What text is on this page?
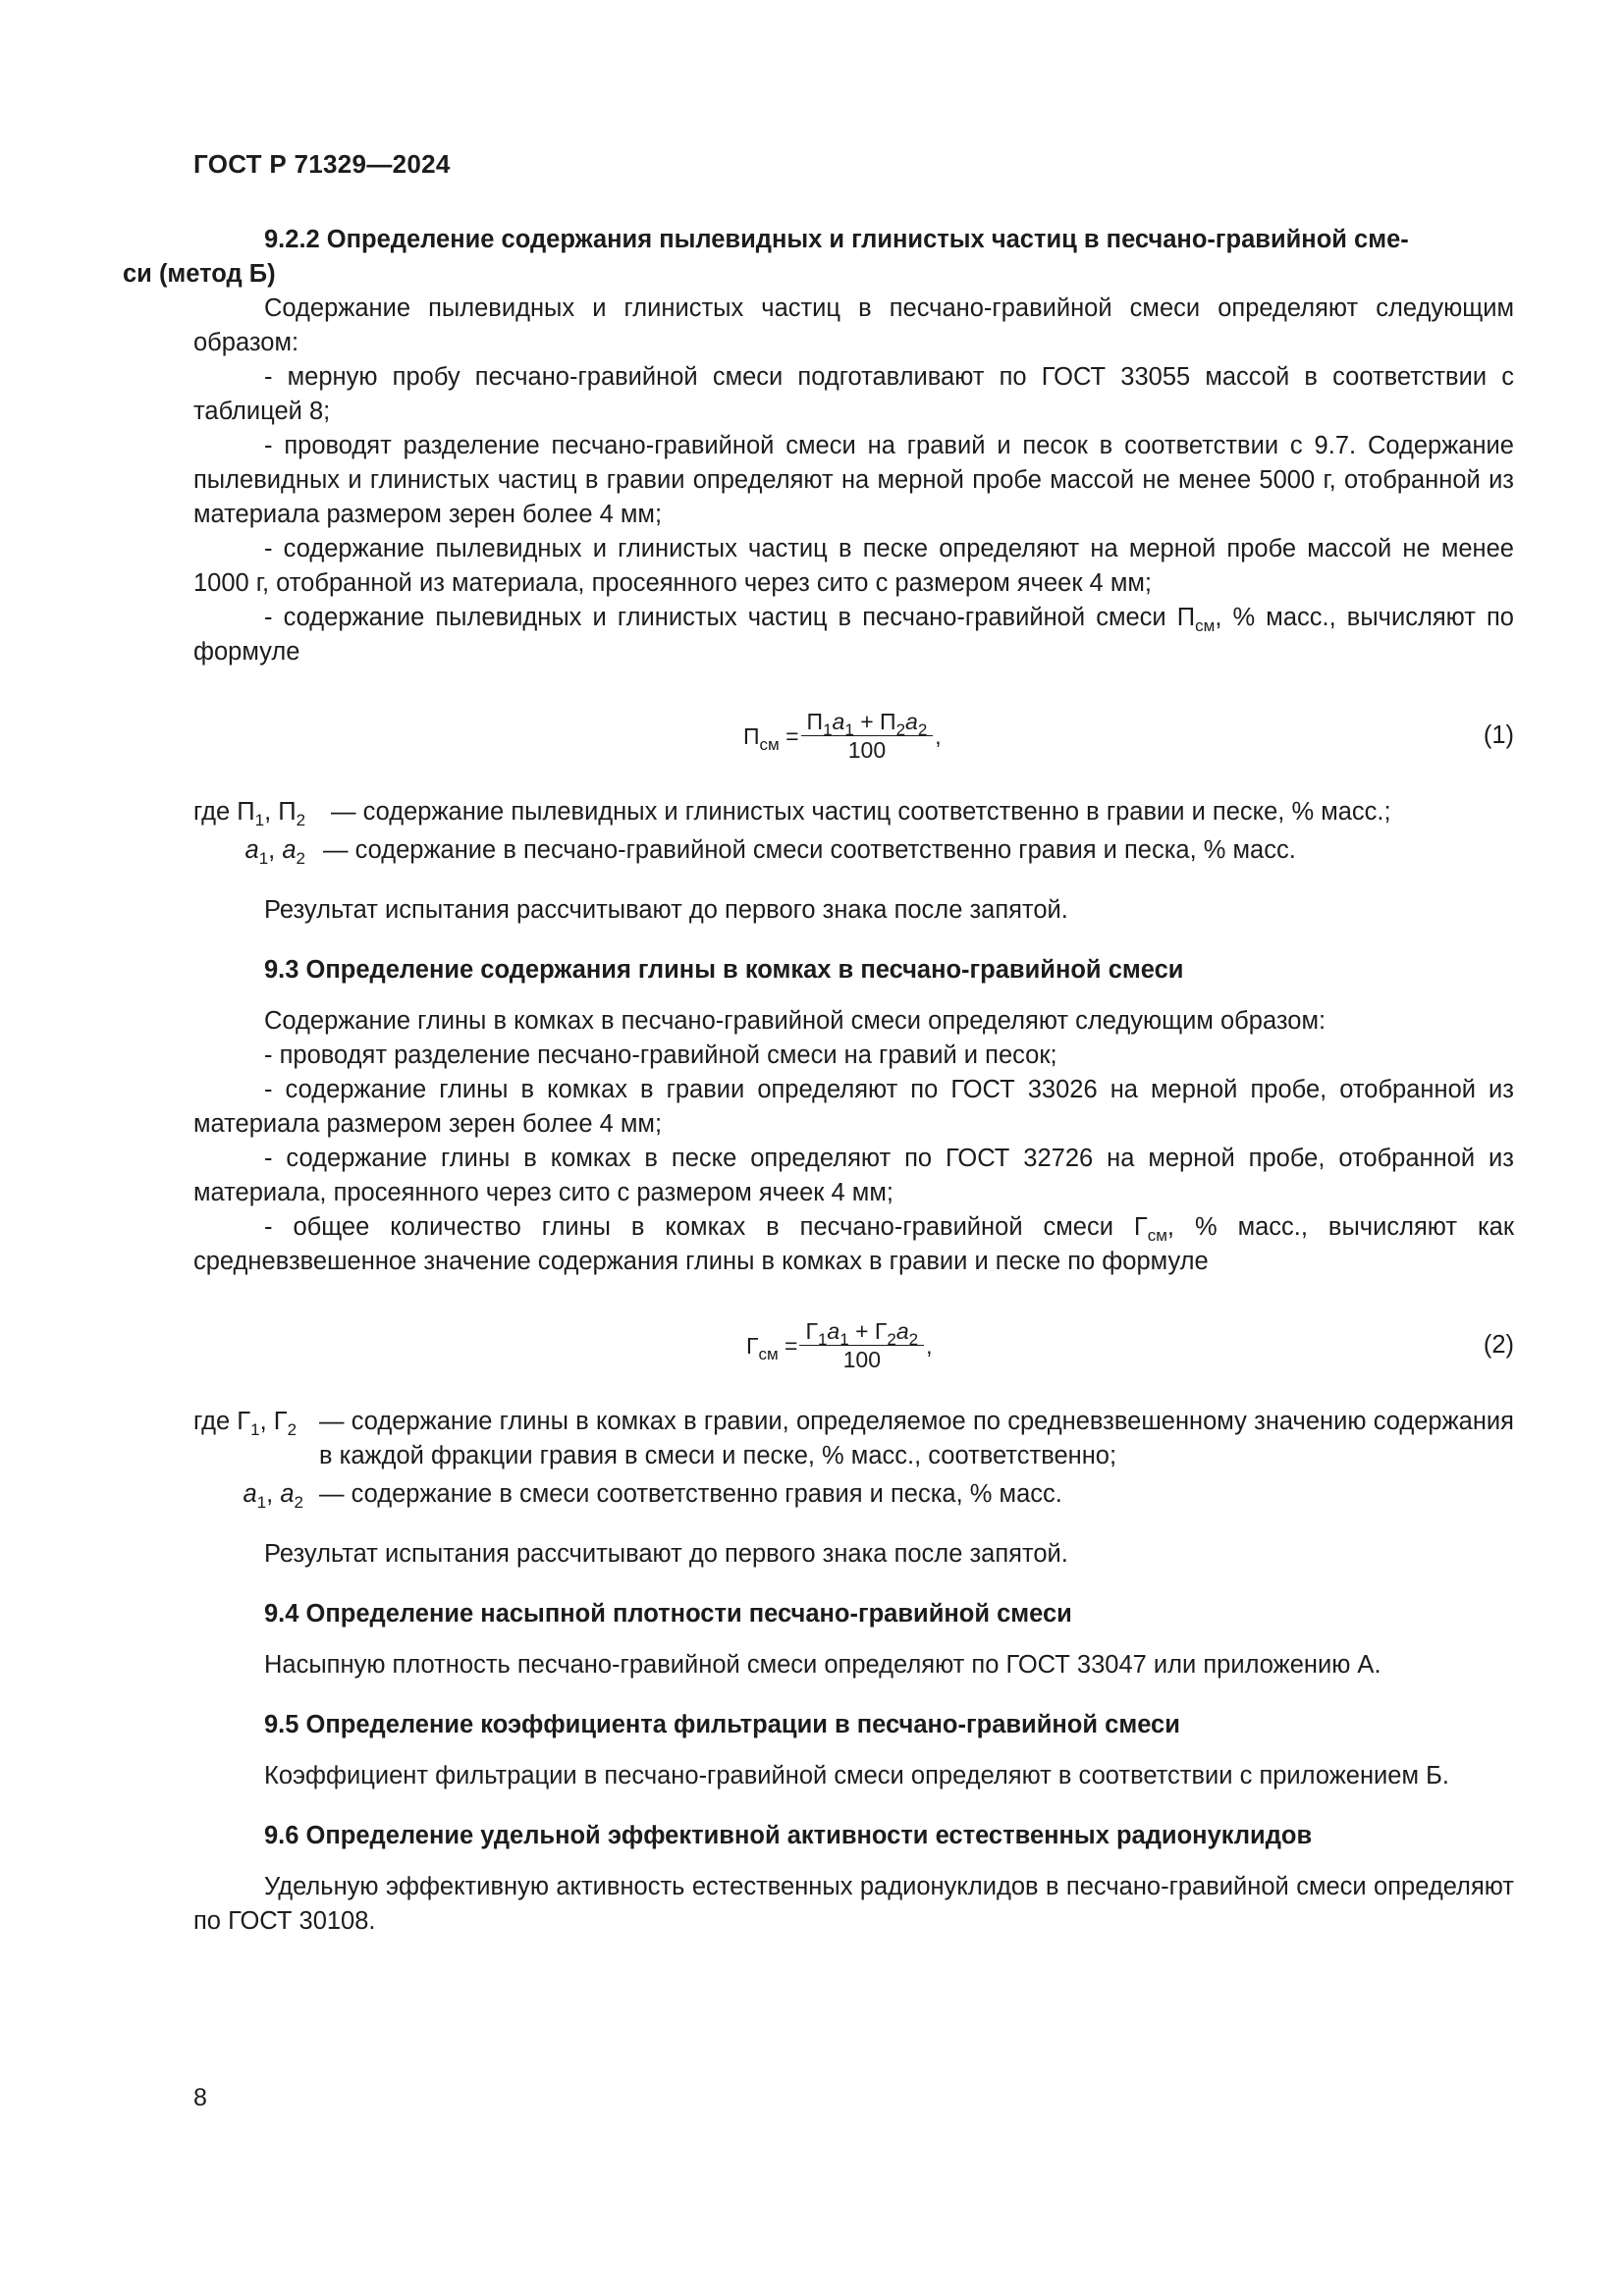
ГОСТ Р 71329—2024

9.2.2 Определение содержания пылевидных и глинистых частиц в песчано-гравийной сме-
си (метод Б)

Содержание пылевидных и глинистых частиц в песчано-гравийной смеси определяют следующим образом:

- мерную пробу песчано-гравийной смеси подготавливают по ГОСТ 33055 массой в соответствии с таблицей 8;

- проводят разделение песчано-гравийной смеси на гравий и песок в соответствии с 9.7. Содержание пылевидных и глинистых частиц в гравии определяют на мерной пробе массой не менее 5000 г, отобранной из материала размером зерен более 4 мм;

- содержание пылевидных и глинистых частиц в песке определяют на мерной пробе массой не менее 1000 г, отобранной из материала, просеянного через сито с размером ячеек 4 мм;

- содержание пылевидных и глинистых частиц в песчано-гравийной смеси $П_{см}$, % масс., вычисляют по формуле

$П_{см} = \frac{П_1a_1 + П_2a_2}{100}$ ,	(1)
где $П_1$, $П_2$	— содержание пылевидных и глинистых частиц соответственно в гравии и песке, % масс.;
$a_1$, $a_2$ — содержание в песчано-гравийной смеси соответственно гравия и песка, % масс.

Результат испытания рассчитывают до первого знака после запятой.

9.3 Определение содержания глины в комках в песчано-гравийной смеси

Содержание глины в комках в песчано-гравийной смеси определяют следующим образом:

- проводят разделение песчано-гравийной смеси на гравий и песок;

- содержание глины в комках в гравии определяют по ГОСТ 33026 на мерной пробе, отобранной из материала размером зерен более 4 мм;

- содержание глины в комках в песке определяют по ГОСТ 32726 на мерной пробе, отобранной из материала, просеянного через сито с размером ячеек 4 мм;

- общее количество глины в комках в песчано-гравийной смеси $Г_{см}$, % масс., вычисляют как средневзвешенное значение содержания глины в комках в гравии и песке по формуле

$Г_{см} = \frac{Г_1a_1 + Г_2a_2}{100}$ ,	(2)
где $Г_1$, $Г_2$ — содержание глины в комках в гравии, определяемое по средневзвешенному значению содержания в каждой фракции гравия в смеси и песке, % масс., соответственно;
$a_1$, $a_2$ — содержание в смеси соответственно гравия и песка, % масс.

Результат испытания рассчитывают до первого знака после запятой.

9.4 Определение насыпной плотности песчано-гравийной смеси

Насыпную плотность песчано-гравийной смеси определяют по ГОСТ 33047 или приложению А.

9.5 Определение коэффициента фильтрации в песчано-гравийной смеси

Коэффициент фильтрации в песчано-гравийной смеси определяют в соответствии с приложением Б.

9.6 Определение удельной эффективной активности естественных радионуклидов

Удельную эффективную активность естественных радионуклидов в песчано-гравийной смеси определяют по ГОСТ 30108.

8
